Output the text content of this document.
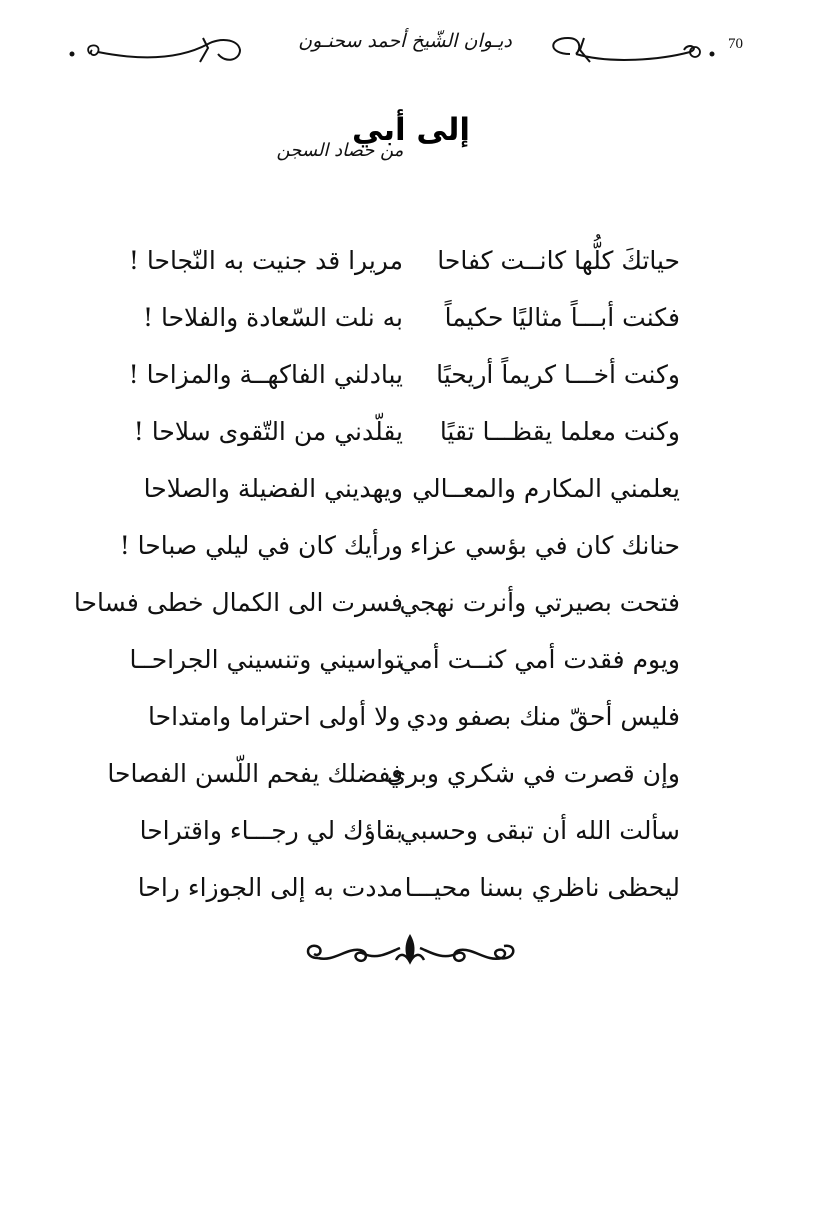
ديـوان الشّيخ أحمد سحنـون	70
إلى أبي
من حصاد السجن
حياتكَ كلُّها كانــت كفاحا
مريرا قد جنيت به النّجاحا !
فكنت أبـــاً مثاليًا حكيماً
به نلت السّعادة والفلاحا !
وكنت أخـــا كريماً أريحيًا
يبادلني الفاكهــة والمزاحا !
وكنت معلما يقظـــا تقيًا
يقلّدني من التّقوى سلاحا !
يعلمني المكارم والمعــالي
ويهديني الفضيلة والصلاحا
حنانك كان في بؤسي عزاء
ورأيك كان في ليلي صباحا !
فتحت بصيرتي وأنرت نهجي
فسرت الى الكمال خطى فساحا
ويوم فقدت أمي كنــت أمي
تواسيني وتنسيني الجراحــا
فليس أحقّ منك بصفو ودي
ولا أولى احتراما وامتداحا
وإن قصرت في شكري وبري
ففضلك يفحم اللّسن الفصاحا
سألت الله أن تبقى وحسبي
بقاؤك لي رجـــاء واقتراحا
ليحظى ناظري بسنا محيـــا
مددت به إلى الجوزاء راحا
